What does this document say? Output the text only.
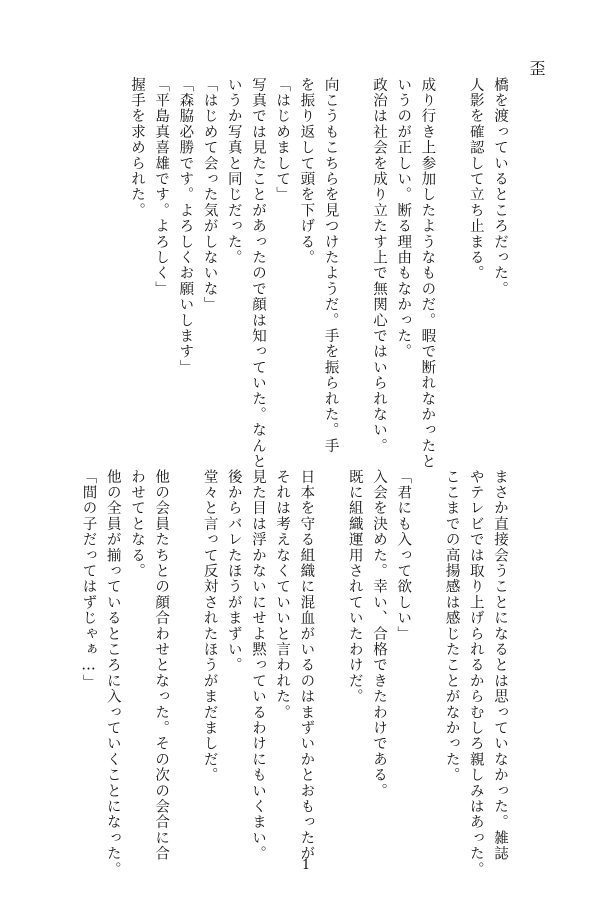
歪
橋を渡っているところだった。
人影を確認して立ち止まる。

成り行き上参加したようなものだ。暇で断れなかったと
いうのが正しい。断る理由もなかった。
政治は社会を成り立たす上で無関心ではいられない。

向こうもこちらを見つけたようだ。手を振られた。手
を振り返して頭を下げる。
「はじめまして」
写真では見たことがあったので顔は知っていた。なんと
いうか写真と同じだった。
「はじめて会った気がしないな」
「森脇必勝です。よろしくお願いします」
「平島真喜雄です。よろしく」
握手を求められた。
まさか直接会うことになるとは思っていなかった。雑誌
やテレビでは取り上げられるからむしろ親しみはあった。
ここまでの高揚感は感じたことがなかった。

「君にも入って欲しい」
入会を決めた。幸い、合格できたわけである。
既に組織運用されていたわけだ。

日本を守る組織に混血がいるのはまずいかとおもったが
それは考えなくていいと言われた。
見た目は浮かないにせよ黙っているわけにもいくまい。
後からバレたほうがまずい。
堂々と言って反対されたほうがまだましだ。

他の会員たちとの顔合わせとなった。その次の会合に合
わせてとなる。
他の全員が揃っているところに入っていくことになった。
「間の子だってはずじゃぁ…」
1
